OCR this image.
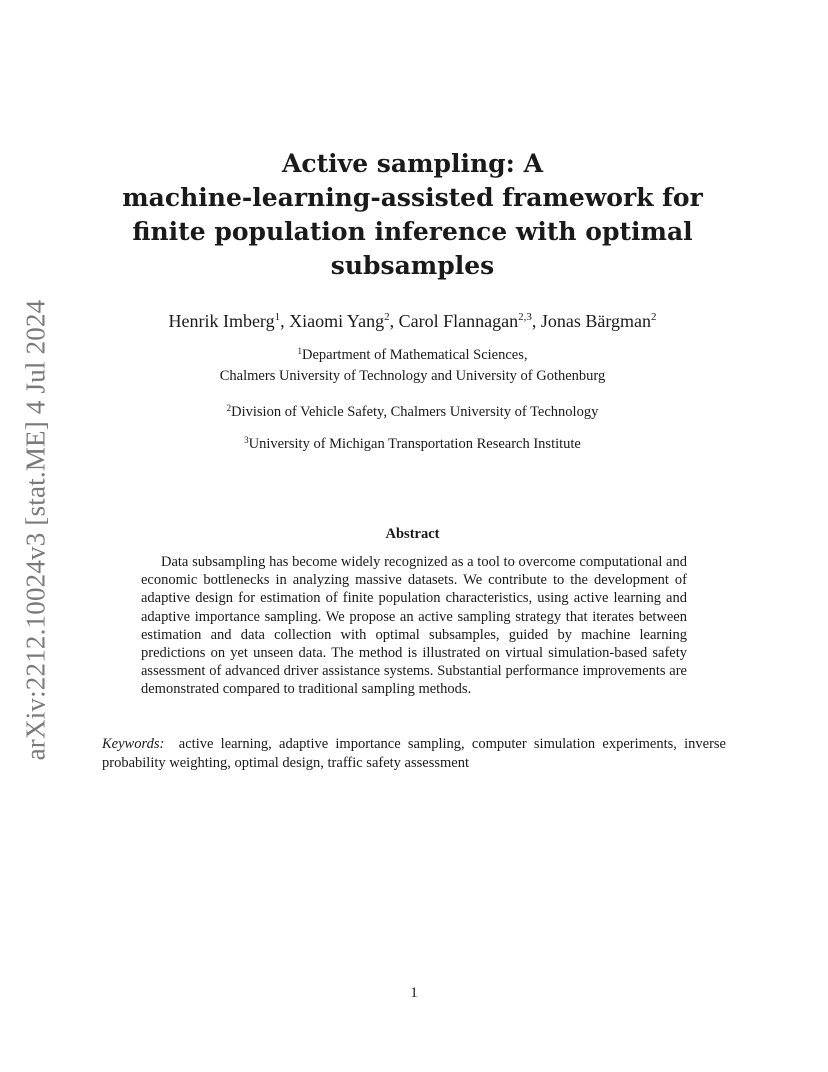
arXiv:2212.10024v3 [stat.ME] 4 Jul 2024
Active sampling: A
machine-learning-assisted framework for
finite population inference with optimal
subsamples
Henrik Imberg$^1$, Xiaomi Yang$^2$, Carol Flannagan$^{2,3}$, Jonas Bärgman$^2$
$^1$Department of Mathematical Sciences,
Chalmers University of Technology and University of Gothenburg
$^2$Division of Vehicle Safety, Chalmers University of Technology
$^3$University of Michigan Transportation Research Institute
Abstract

Data subsampling has become widely recognized as a tool to overcome computational and economic bottlenecks in analyzing massive datasets. We contribute to the development of adaptive design for estimation of finite population characteristics, using active learning and adaptive importance sampling. We propose an active sampling strategy that iterates between estimation and data collection with optimal subsamples, guided by machine learning predictions on yet unseen data. The method is illustrated on virtual simulation-based safety assessment of advanced driver assistance systems. Substantial performance improvements are demonstrated compared to traditional sampling methods.

Keywords: active learning, adaptive importance sampling, computer simulation experiments, inverse probability weighting, optimal design, traffic safety assessment

1
